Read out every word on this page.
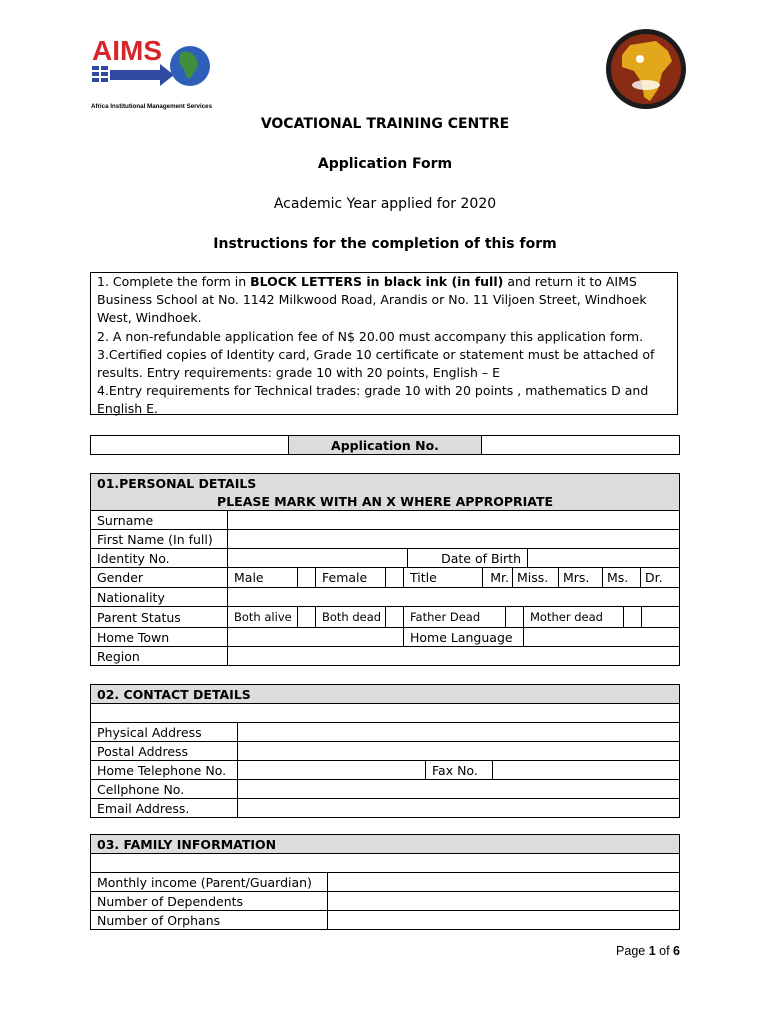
AIMS
Africa Institutional Management Services
VOCATIONAL TRAINING CENTRE
Application Form
Academic Year applied for 2020
Instructions for the completion of this form

1. Complete the form in BLOCK LETTERS in black ink (in full) and return it to AIMS Business School at No. 1142 Milkwood Road, Arandis or No. 11 Viljoen Street, Windhoek West, Windhoek.

2. A non-refundable application fee of N$ 20.00 must accompany this application form.

3.Certified copies of Identity card, Grade 10 certificate or statement must be attached of results. Entry requirements: grade 10 with 20 points, English – E

4.Entry requirements for Technical trades: grade 10 with 20 points , mathematics D and English E.

	Application No.	
01.PERSONAL DETAILS			
PLEASE MARK WITH AN X WHERE APPROPRIATE			
Surname			
First Name (In full)			
Identity No.		Date of Birth	
Gender	Male		Female		Title	Mr.	Miss.	Mrs.	Ms.	Dr.
Nationality										
Parent Status	Both alive		Both dead		Father Dead		Mother dead		
Home Town					Home Language				
Region									
02. CONTACT DETAILS			

Physical Address			
Postal Address			
Home Telephone No.		Fax No.	
Cellphone No.			
Email Address.			
03. FAMILY INFORMATION	

Monthly income (Parent/Guardian)	
Number of Dependents	
Number of Orphans	
Page 1 of 6
